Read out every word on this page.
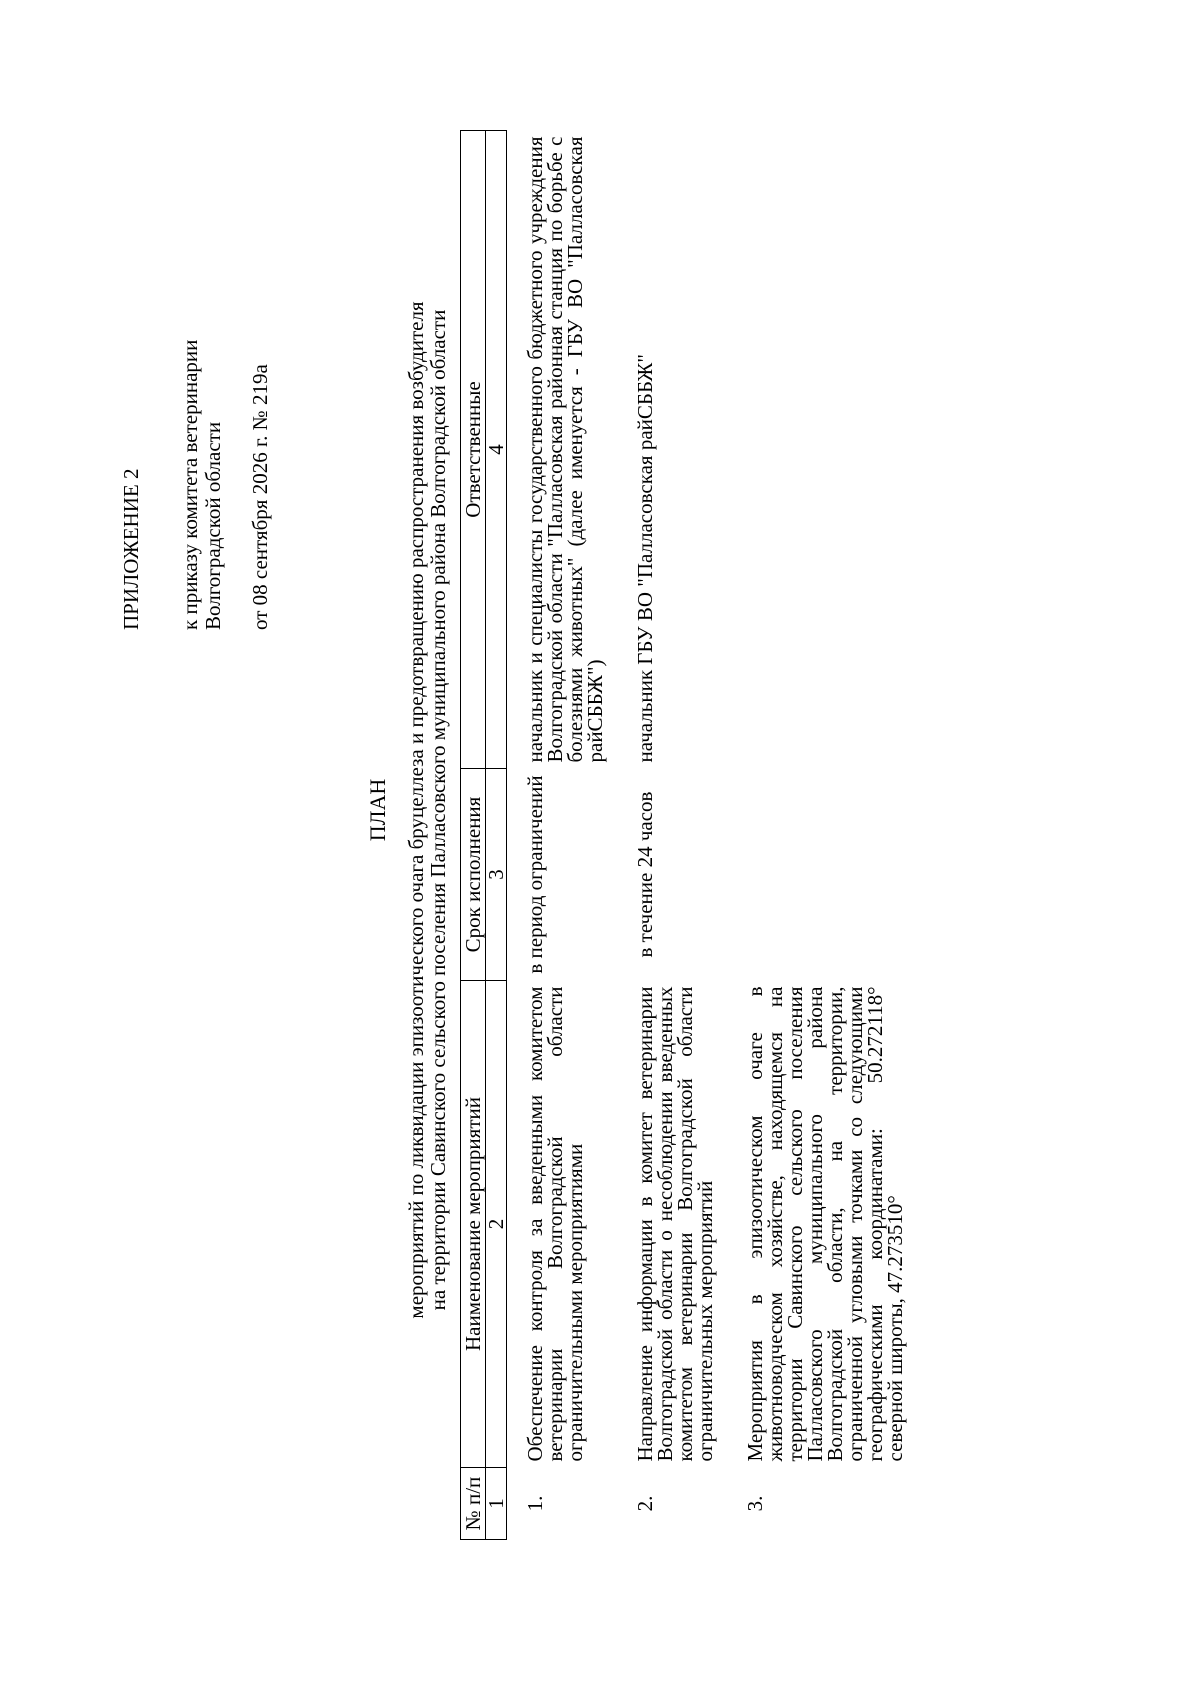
ПРИЛОЖЕНИЕ 2 к приказу комитета ветеринарии Волгоградской области от 08 сентября 2026 г. № 219а
ПЛАН мероприятий по ликвидации эпизоотического очага бруцеллеза и предотвращению распространения возбудителя
на территории Савинского сельского поселения Палласовского муниципального района Волгоградской области
№ п/п	Наименование мероприятий	Срок исполнения	Ответственные
1	2	3	4
1.	Обеспечение контроля за введенными комитетом ветеринарии Волгоградской области ограничительными мероприятиями	в период ограничений	начальник и специалисты государственного бюджетного учреждения Волгоградской области "Палласовская районная станция по борьбе с болезнями животных" (далее именуется - ГБУ ВО "Палласовская райСББЖ")
2.	Направление информации в комитет ветеринарии Волгоградской области о несоблюдении введенных комитетом ветеринарии Волгоградской области ограничительных мероприятий	в течение 24 часов	начальник ГБУ ВО "Палласовская райСББЖ"
3.	Мероприятия в эпизоотическом очаге в животноводческом хозяйстве, находящемся на территории Савинского сельского поселения Палласовского муниципального района Волгоградской области, на территории, ограниченной угловыми точками со следующими географическими координатами: 50.272118° северной широты, 47.273510°		
